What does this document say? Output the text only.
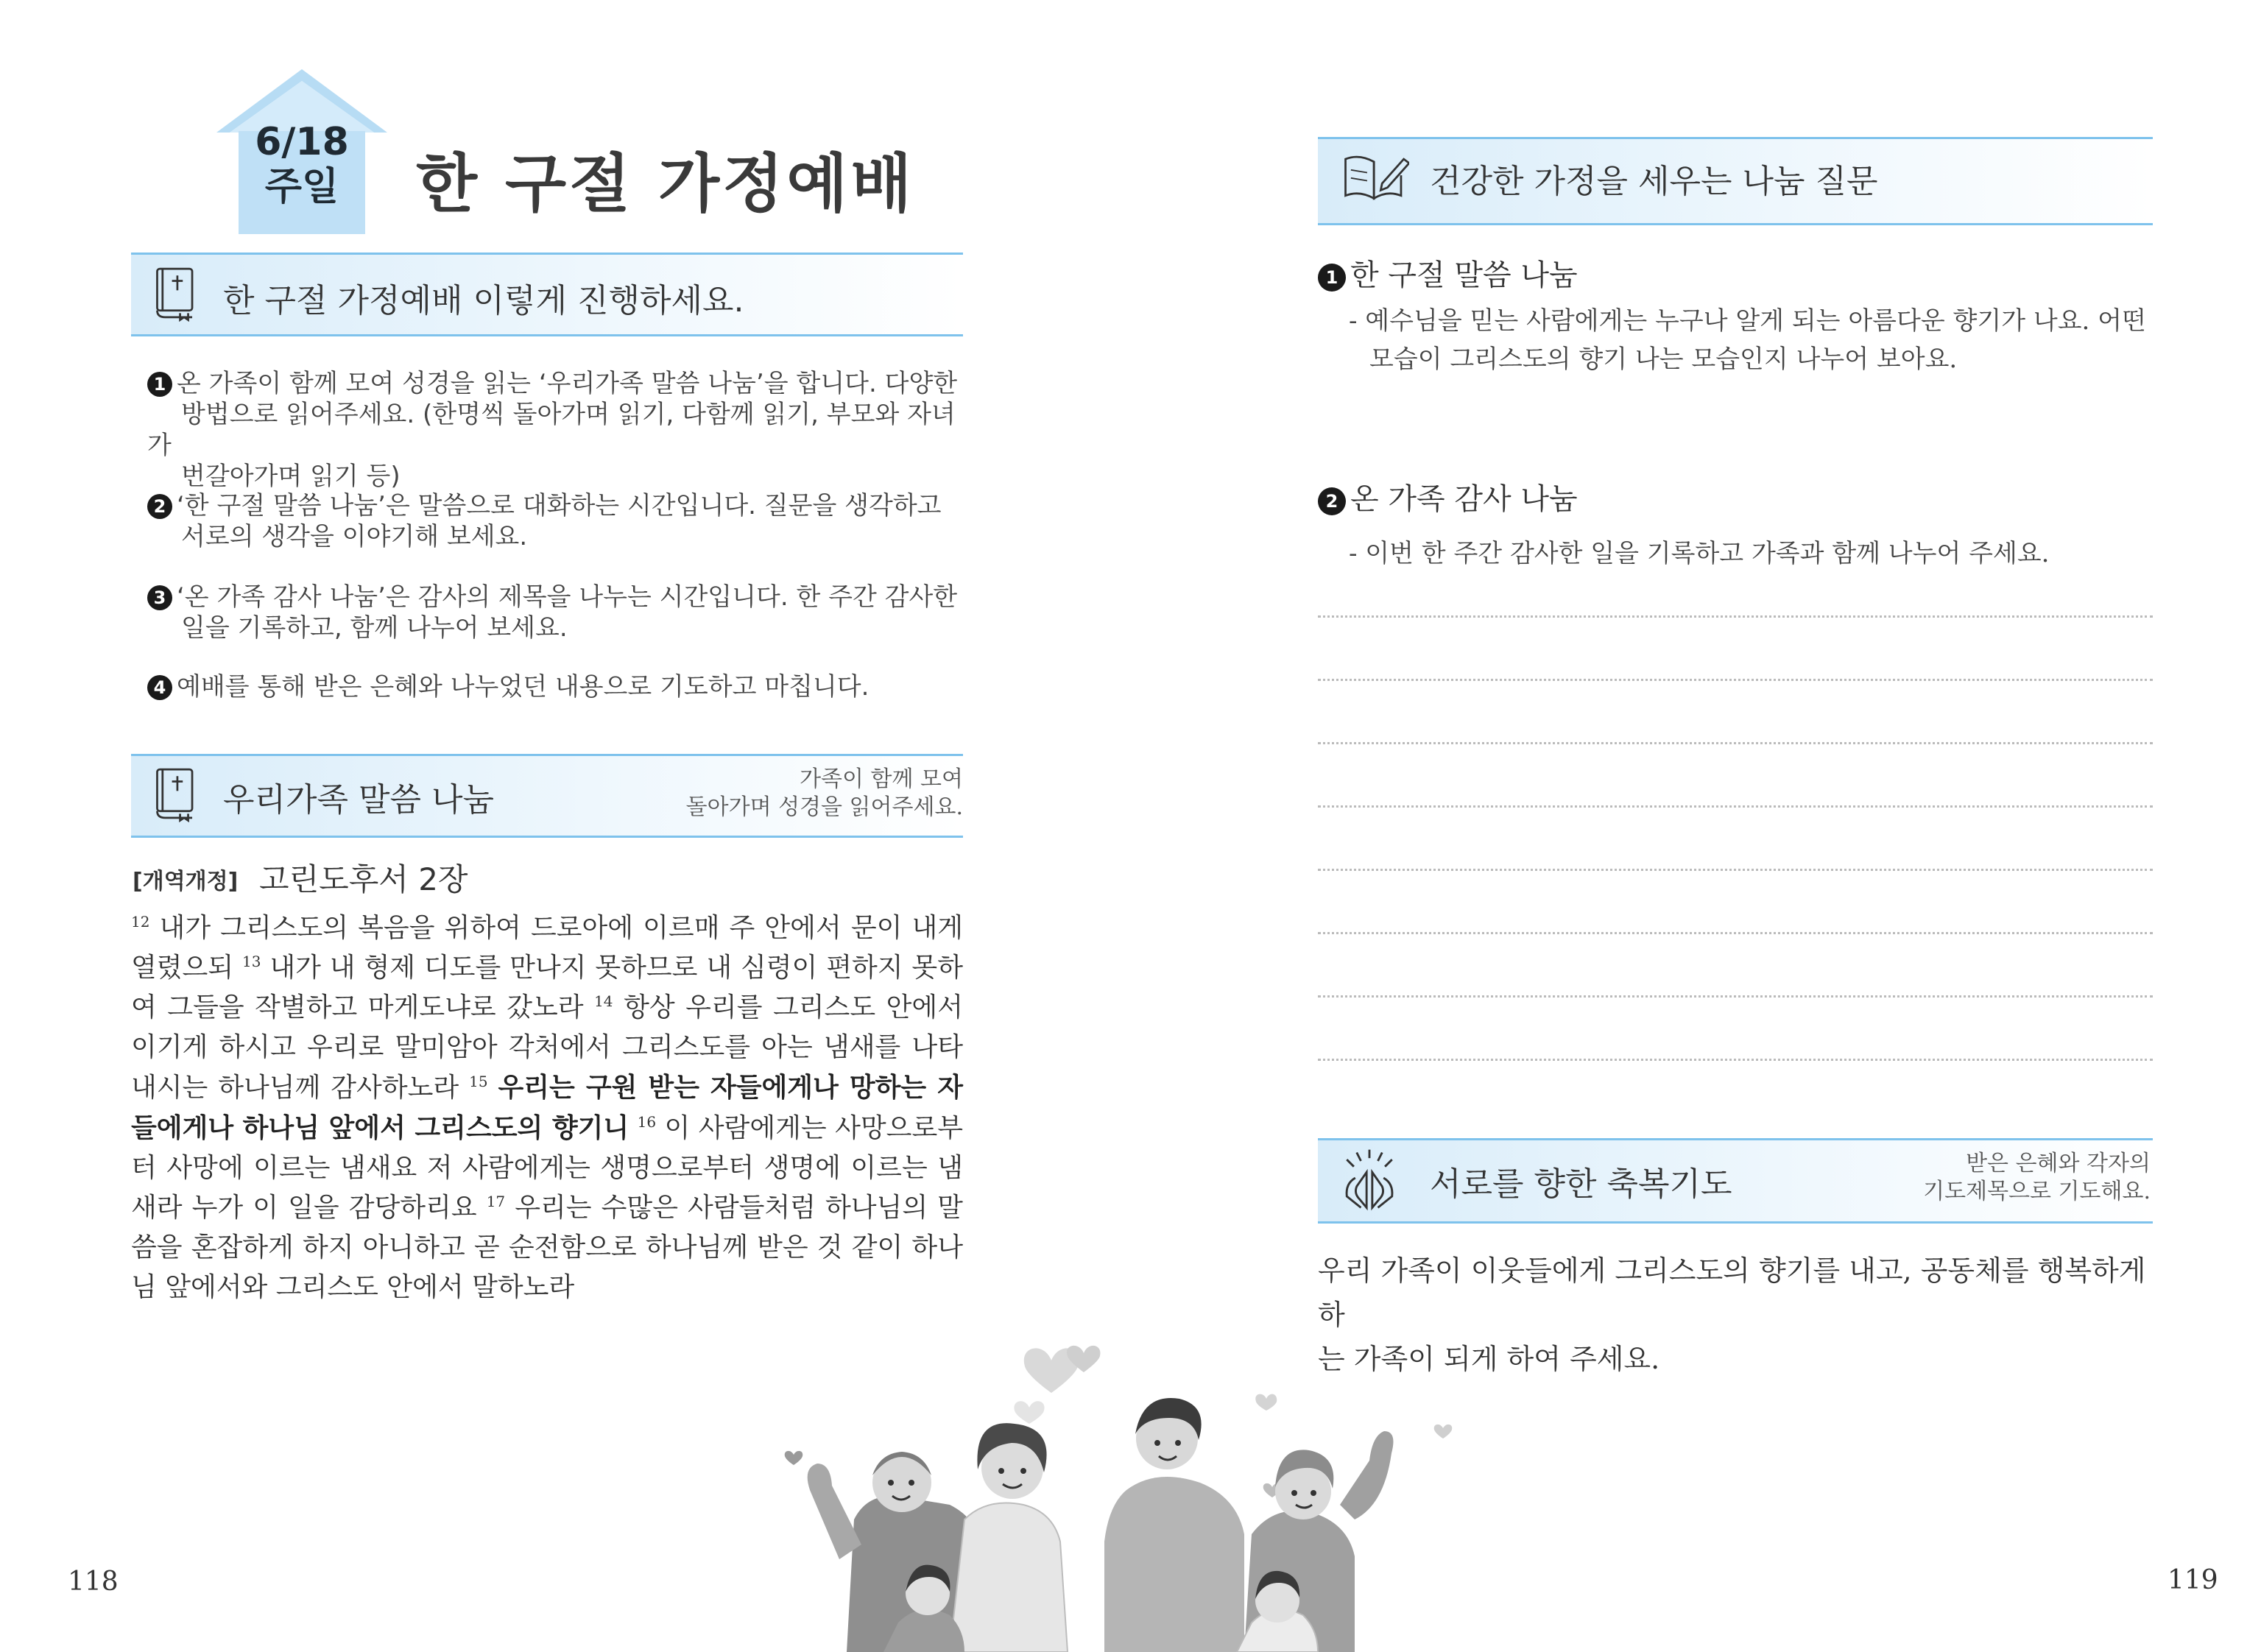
6/18
주일	한 구절 가정예배
한 구절 가정예배 이렇게 진행하세요.
1 온 가족이 함께 모여 성경을 읽는 ‘우리가족 말씀 나눔’을 합니다. 다양한
방법으로 읽어주세요. (한명씩 돌아가며 읽기, 다함께 읽기, 부모와 자녀가
번갈아가며 읽기 등)
2 ‘한 구절 말씀 나눔’은 말씀으로 대화하는 시간입니다. 질문을 생각하고
서로의 생각을 이야기해 보세요.
3 ‘온 가족 감사 나눔’은 감사의 제목을 나누는 시간입니다. 한 주간 감사한
일을 기록하고, 함께 나누어 보세요.
4 예배를 통해 받은 은혜와 나누었던 내용으로 기도하고 마칩니다.
우리가족 말씀 나눔
가족이 함께 모여
돌아가며 성경을 읽어주세요.
[개역개정] 고린도후서 2장
$^{12}$ 내가 그리스도의 복음을 위하여 드로아에 이르매 주 안에서 문이 내게 열렸으되 $^{13}$ 내가 내 형제 디도를 만나지 못하므로 내 심령이 편하지 못하여 그들을 작별하고 마게도냐로 갔노라 $^{14}$ 항상 우리를 그리스도 안에서 이기게 하시고 우리로 말미암아 각처에서 그리스도를 아는 냄새를 나타내시는 하나님께 감사하노라 $^{15}$ 우리는 구원 받는 자들에게나 망하는 자들에게나 하나님 앞에서 그리스도의 향기니 $^{16}$ 이 사람에게는 사망으로부터 사망에 이르는 냄새요 저 사람에게는 생명으로부터 생명에 이르는 냄새라 누가 이 일을 감당하리요 $^{17}$ 우리는 수많은 사람들처럼 하나님의 말씀을 혼잡하게 하지 아니하고 곧 순전함으로 하나님께 받은 것 같이 하나님 앞에서와 그리스도 안에서 말하노라
118
건강한 가정을 세우는 나눔 질문
1 한 구절 말씀 나눔
- 예수님을 믿는 사람에게는 누구나 알게 되는 아름다운 향기가 나요. 어떤
모습이 그리스도의 향기 나는 모습인지 나누어 보아요.
2 온 가족 감사 나눔
- 이번 한 주간 감사한 일을 기록하고 가족과 함께 나누어 주세요.
서로를 향한 축복기도
받은 은혜와 각자의
기도제목으로 기도해요.
우리 가족이 이웃들에게 그리스도의 향기를 내고, 공동체를 행복하게 하
는 가족이 되게 하여 주세요.
119
